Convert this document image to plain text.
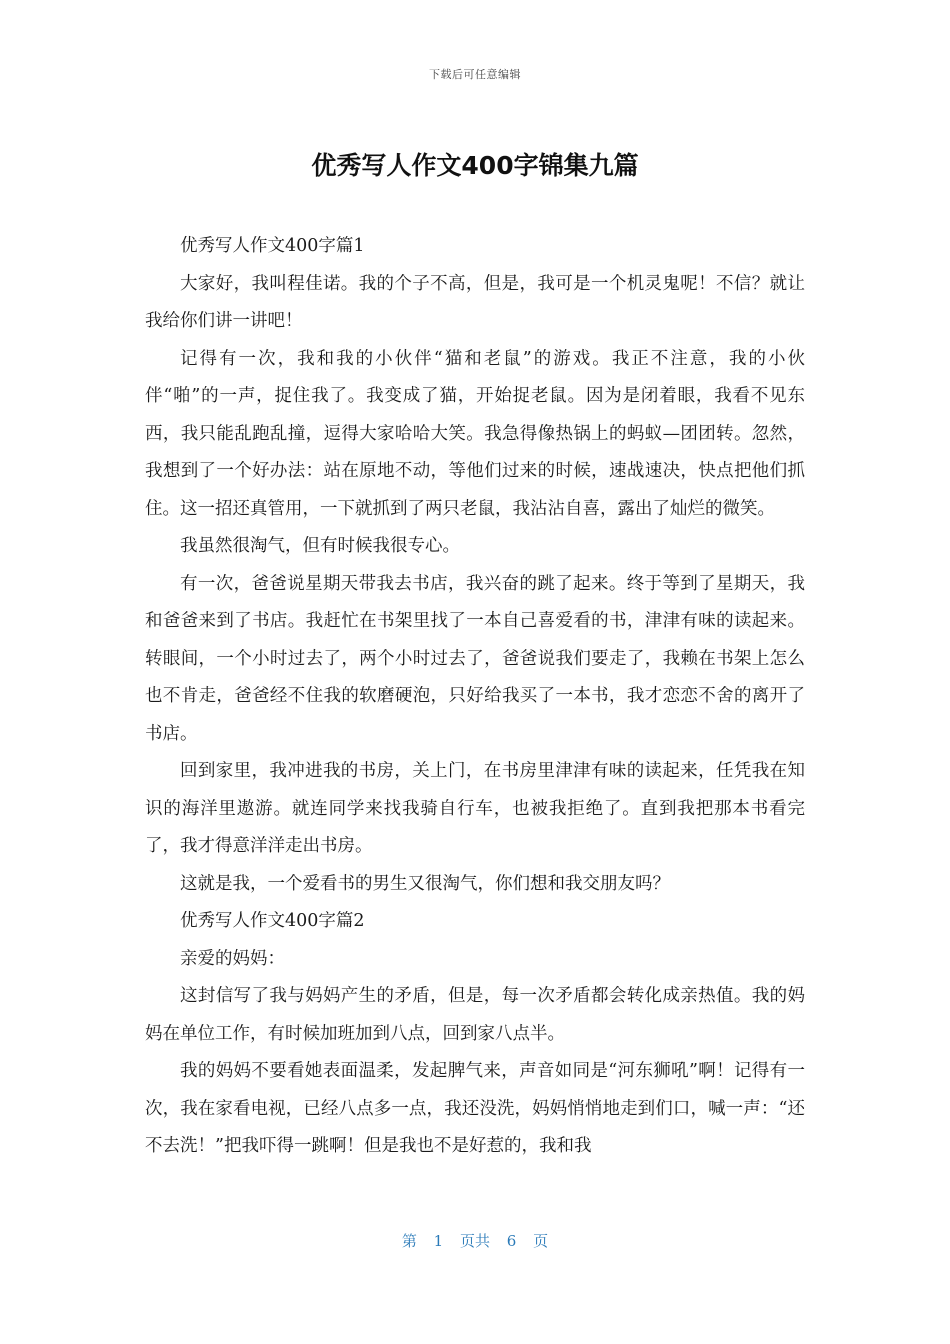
下载后可任意编辑
优秀写人作文400字锦集九篇

优秀写人作文400字篇1

大家好，我叫程佳诺。我的个子不高，但是，我可是一个机灵鬼呢！不信？就让我给你们讲一讲吧！

记得有一次，我和我的小伙伴“猫和老鼠”的游戏。我正不注意，我的小伙伴“啪”的一声，捉住我了。我变成了猫，开始捉老鼠。因为是闭着眼，我看不见东西，我只能乱跑乱撞，逗得大家哈哈大笑。我急得像热锅上的蚂蚁—团团转。忽然，我想到了一个好办法：站在原地不动，等他们过来的时候，速战速决，快点把他们抓住。这一招还真管用，一下就抓到了两只老鼠，我沾沾自喜，露出了灿烂的微笑。

我虽然很淘气，但有时候我很专心。

有一次，爸爸说星期天带我去书店，我兴奋的跳了起来。终于等到了星期天，我和爸爸来到了书店。我赶忙在书架里找了一本自己喜爱看的书，津津有味的读起来。转眼间，一个小时过去了，两个小时过去了，爸爸说我们要走了，我赖在书架上怎么也不肯走，爸爸经不住我的软磨硬泡，只好给我买了一本书，我才恋恋不舍的离开了书店。

回到家里，我冲进我的书房，关上门，在书房里津津有味的读起来，任凭我在知识的海洋里遨游。就连同学来找我骑自行车，也被我拒绝了。直到我把那本书看完了，我才得意洋洋走出书房。

这就是我，一个爱看书的男生又很淘气，你们想和我交朋友吗？

优秀写人作文400字篇2

亲爱的妈妈：

这封信写了我与妈妈产生的矛盾，但是，每一次矛盾都会转化成亲热值。我的妈妈在单位工作，有时候加班加到八点，回到家八点半。

我的妈妈不要看她表面温柔，发起脾气来，声音如同是“河东狮吼”啊！记得有一次，我在家看电视，已经八点多一点，我还没洗，妈妈悄悄地走到们口，喊一声：“还不去洗！”把我吓得一跳啊！但是我也不是好惹的，我和我

第 1 页共 6 页
